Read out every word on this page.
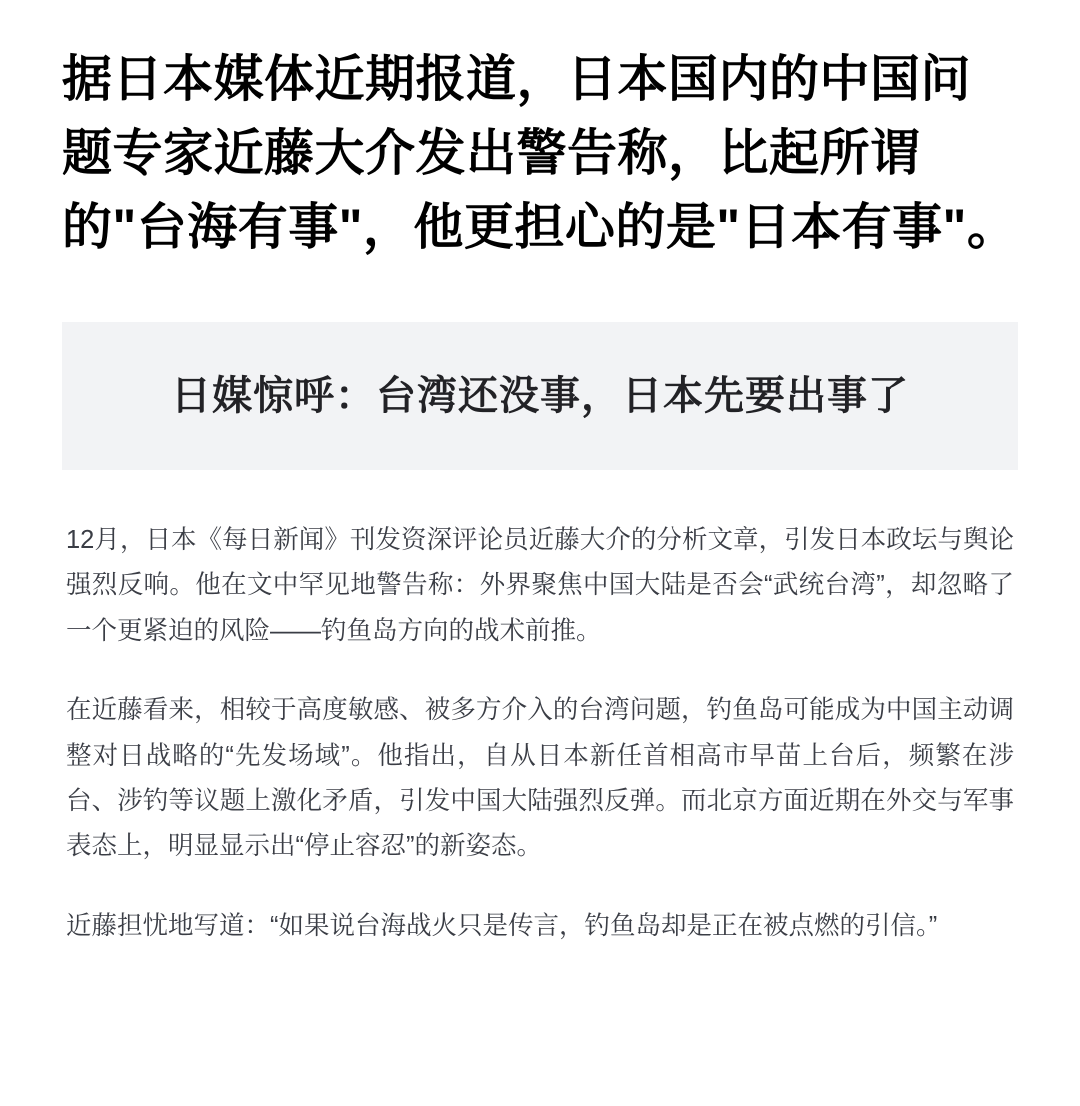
据日本媒体近期报道，日本国内的中国问题专家近藤大介发出警告称，比起所谓的"台海有事"，他更担心的是"日本有事"。
日媒惊呼：台湾还没事，日本先要出事了

12月，日本《每日新闻》刊发资深评论员近藤大介的分析文章，引发日本政坛与舆论强烈反响。他在文中罕见地警告称：外界聚焦中国大陆是否会“武统台湾”，却忽略了一个更紧迫的风险——钓鱼岛方向的战术前推。

在近藤看来，相较于高度敏感、被多方介入的台湾问题，钓鱼岛可能成为中国主动调整对日战略的“先发场域”。他指出，自从日本新任首相高市早苗上台后，频繁在涉台、涉钓等议题上激化矛盾，引发中国大陆强烈反弹。而北京方面近期在外交与军事表态上，明显显示出“停止容忍”的新姿态。

近藤担忧地写道：“如果说台海战火只是传言，钓鱼岛却是正在被点燃的引信。”
